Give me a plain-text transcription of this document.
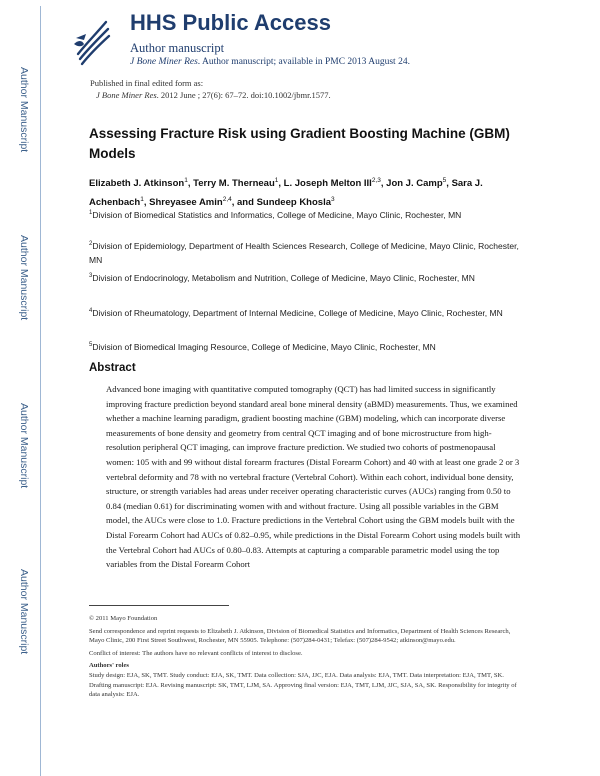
Author Manuscript
Author Manuscript
Author Manuscript
Author Manuscript
HHS Public Access
Author manuscript
J Bone Miner Res. Author manuscript; available in PMC 2013 August 24.
Published in final edited form as:
J Bone Miner Res. 2012 June ; 27(6): 67–72. doi:10.1002/jbmr.1577.
Assessing Fracture Risk using Gradient Boosting Machine (GBM) Models
Elizabeth J. Atkinson$^1$, Terry M. Therneau$^1$, L. Joseph Melton III$^{2,3}$, Jon J. Camp$^5$, Sara J. Achenbach$^1$, Shreyasee Amin$^{2,4}$, and Sundeep Khosla$^3$
$^1$Division of Biomedical Statistics and Informatics, College of Medicine, Mayo Clinic, Rochester, MN
$^2$Division of Epidemiology, Department of Health Sciences Research, College of Medicine, Mayo Clinic, Rochester, MN
$^3$Division of Endocrinology, Metabolism and Nutrition, College of Medicine, Mayo Clinic, Rochester, MN
$^4$Division of Rheumatology, Department of Internal Medicine, College of Medicine, Mayo Clinic, Rochester, MN
$^5$Division of Biomedical Imaging Resource, College of Medicine, Mayo Clinic, Rochester, MN
Abstract
Advanced bone imaging with quantitative computed tomography (QCT) has had limited success in significantly improving fracture prediction beyond standard areal bone mineral density (aBMD) measurements. Thus, we examined whether a machine learning paradigm, gradient boosting machine (GBM) modeling, which can incorporate diverse measurements of bone density and geometry from central QCT imaging and of bone microstructure from high-resolution peripheral QCT imaging, can improve fracture prediction. We studied two cohorts of postmenopausal women: 105 with and 99 without distal forearm fractures (Distal Forearm Cohort) and 40 with at least one grade 2 or 3 vertebral deformity and 78 with no vertebral fracture (Vertebral Cohort). Within each cohort, individual bone density, structure, or strength variables had areas under receiver operating characteristic curves (AUCs) ranging from 0.50 to 0.84 (median 0.61) for discriminating women with and without fracture. Using all possible variables in the GBM model, the AUCs were close to 1.0. Fracture predictions in the Vertebral Cohort using the GBM models built with the Distal Forearm Cohort had AUCs of 0.82–0.95, while predictions in the Distal Forearm Cohort using models built with the Vertebral Cohort had AUCs of 0.80–0.83. Attempts at capturing a comparable parametric model using the top variables from the Distal Forearm Cohort
© 2011 Mayo Foundation
Send correspondence and reprint requests to Elizabeth J. Atkinson, Division of Biomedical Statistics and Informatics, Department of Health Sciences Research, Mayo Clinic, 200 First Street Southwest, Rochester, MN 55905. Telephone: (507)284-0431; Telefax: (507)284-9542; atkinson@mayo.edu.
Conflict of interest: The authors have no relevant conflicts of interest to disclose.
Authors' roles
Study design: EJA, SK, TMT. Study conduct: EJA, SK, TMT. Data collection: SJA, JJC, EJA. Data analysis: EJA, TMT. Data interpretation: EJA, TMT, SK. Drafting manuscript: EJA. Revising manuscript: SK, TMT, LJM, SA. Approving final version: EJA, TMT, LJM, JJC, SJA, SA, SK. Responsibility for integrity of data analysis: EJA.
